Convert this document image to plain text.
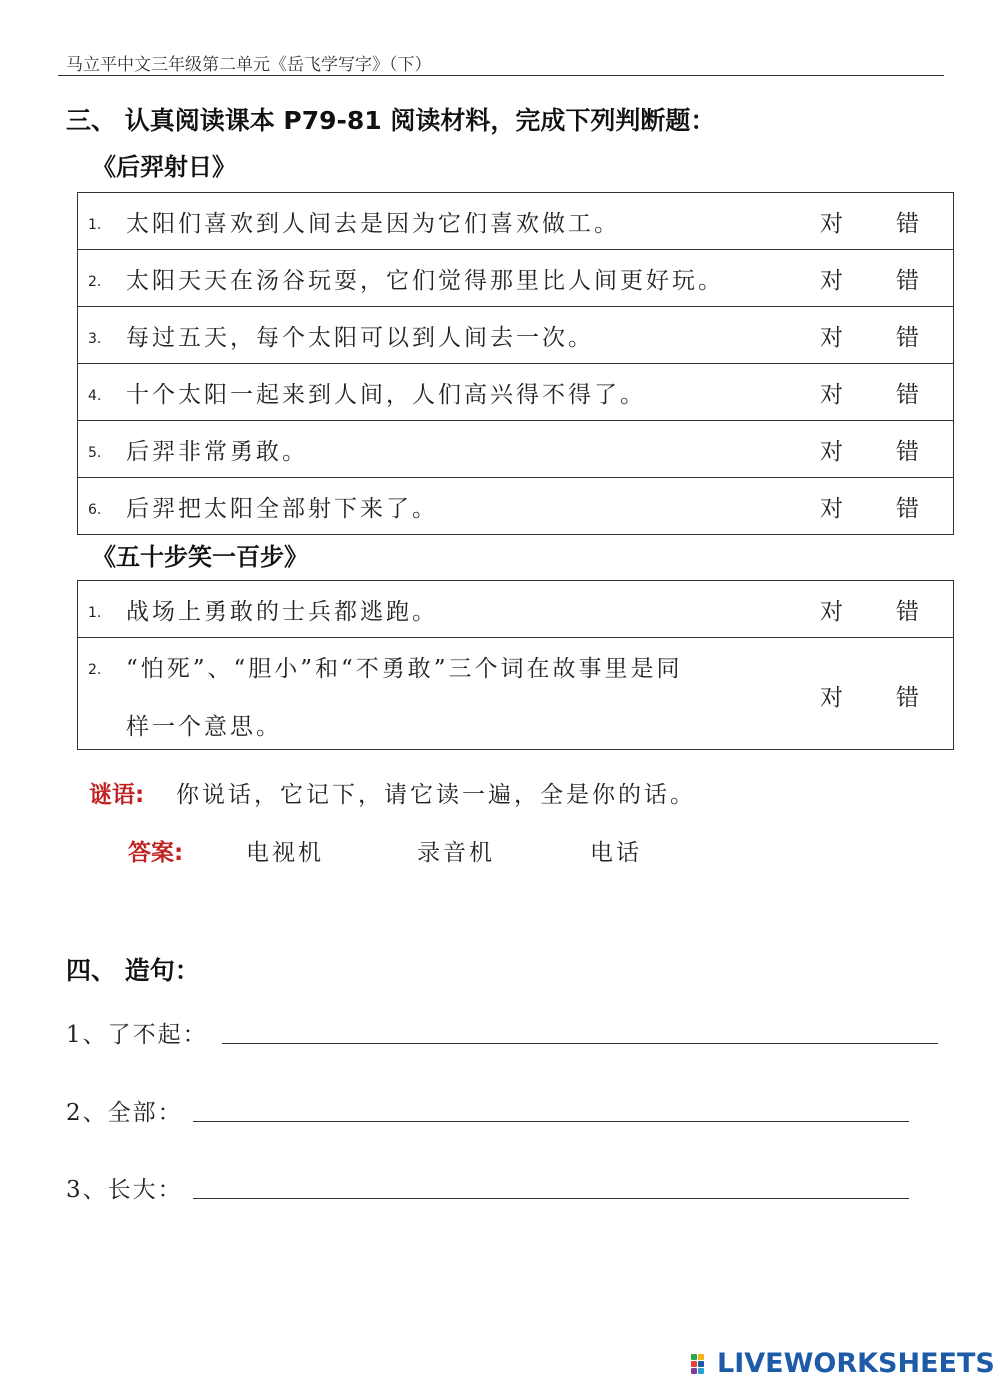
马立平中文三年级第二单元《岳飞学写字》（下）
三、 认真阅读课本 P79-81 阅读材料，完成下列判断题：
《后羿射日》
1. 太阳们喜欢到人间去是因为它们喜欢做工。	对 错

2. 太阳天天在汤谷玩耍，它们觉得那里比人间更好玩。	对 错

3. 每过五天，每个太阳可以到人间去一次。	对 错

4. 十个太阳一起来到人间，人们高兴得不得了。	对 错

5. 后羿非常勇敢。	对 错

6. 后羿把太阳全部射下来了。	对 错
《五十步笑一百步》
1. 战场上勇敢的士兵都逃跑。	对 错

2. “怕死”、“胆小”和“不勇敢”三个词在故事里是同
样一个意思。
对 错
谜语: 你说话，它记下，请它读一遍，全是你的话。
答案:	电视机	录音机	电话
四、 造句：
1、了不起：
2、全部：
3、长大：
LIVEWORKSHEETS
